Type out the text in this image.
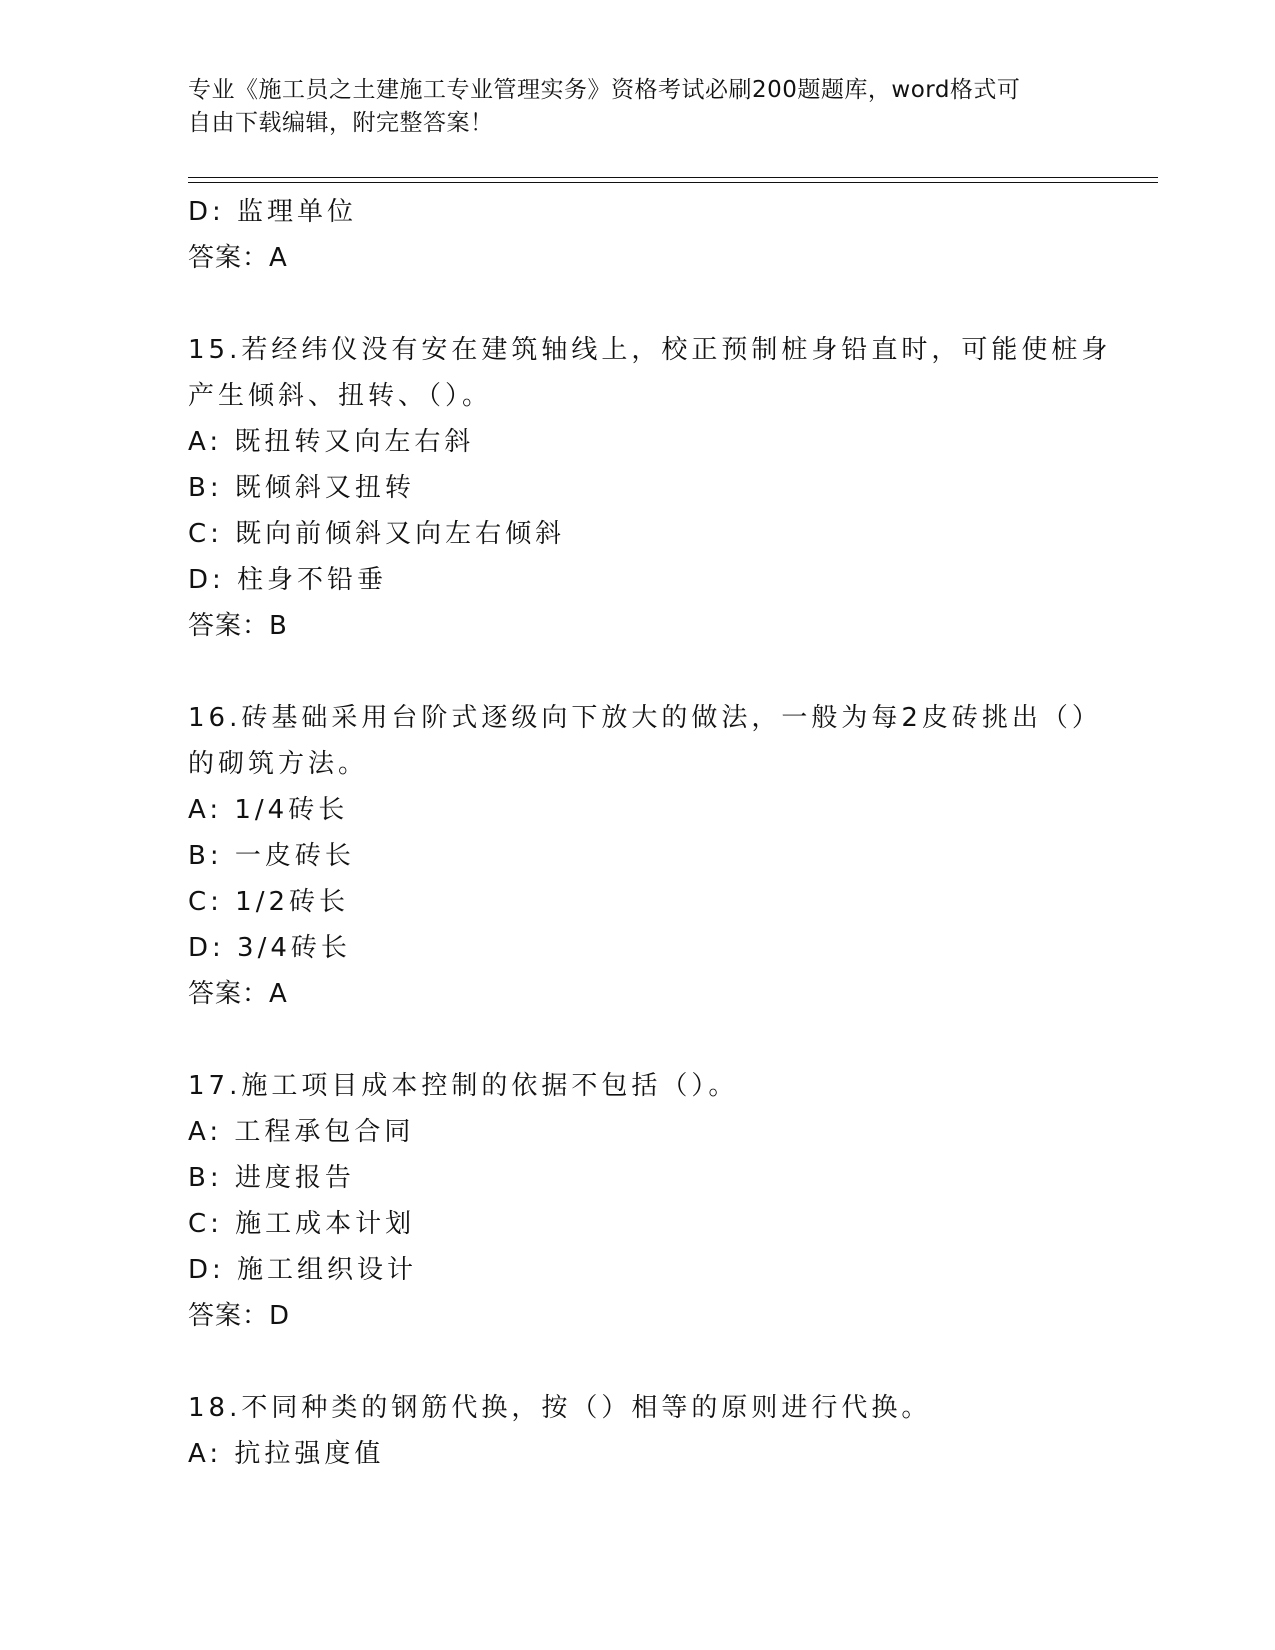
专业《施工员之土建施工专业管理实务》资格考试必刷200题题库，word格式可
自由下载编辑，附完整答案！
D: 监理单位
答案：A
15.若经纬仪没有安在建筑轴线上，校正预制桩身铅直时，可能使桩身
产生倾斜、扭转、（）。
A: 既扭转又向左右斜
B: 既倾斜又扭转
C: 既向前倾斜又向左右倾斜
D: 柱身不铅垂
答案：B
16.砖基础采用台阶式逐级向下放大的做法，一般为每2皮砖挑出（）
的砌筑方法。
A: 1/4砖长
B: 一皮砖长
C: 1/2砖长
D: 3/4砖长
答案：A
17.施工项目成本控制的依据不包括（）。
A: 工程承包合同
B: 进度报告
C: 施工成本计划
D: 施工组织设计
答案：D
18.不同种类的钢筋代换，按（）相等的原则进行代换。
A: 抗拉强度值
